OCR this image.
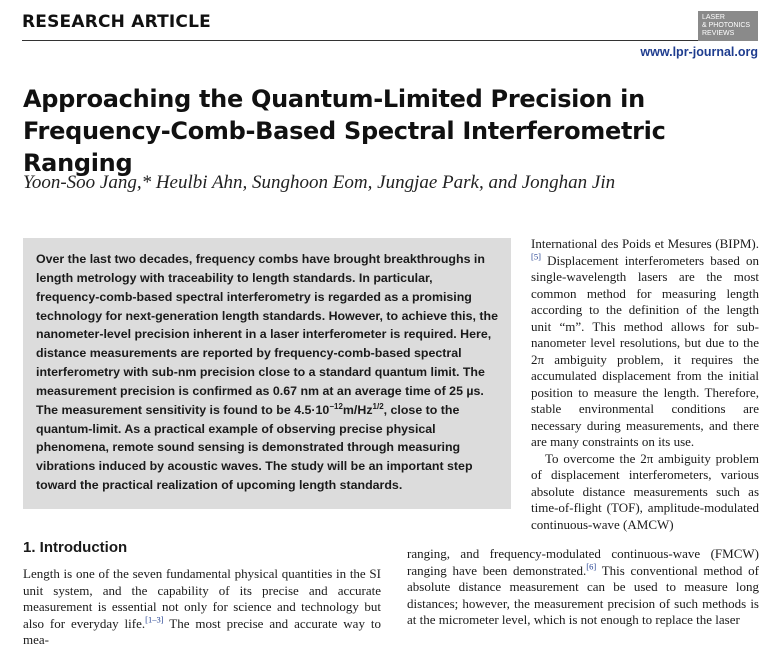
RESEARCH ARTICLE	LASER
& PHOTONICS
REVIEWS
www.lpr-journal.org
Approaching the Quantum-Limited Precision in Frequency-Comb-Based Spectral Interferometric Ranging
Yoon-Soo Jang,* Heulbi Ahn, Sunghoon Eom, Jungjae Park, and Jonghan Jin

Over the last two decades, frequency combs have brought breakthroughs in length metrology with traceability to length standards. In particular, frequency-comb-based spectral interferometry is regarded as a promising technology for next-generation length standards. However, to achieve this, the nanometer-level precision inherent in a laser interferometer is required. Here, distance measurements are reported by frequency-comb-based spectral interferometry with sub-nm precision close to a standard quantum limit. The measurement precision is confirmed as 0.67 nm at an average time of 25 µs. The measurement sensitivity is found to be $4.5\cdot 10^{-12}m/Hz^{1/2}$, close to the quantum-limit. As a practical example of observing precise physical phenomena, remote sound sensing is demonstrated through measuring vibrations induced by acoustic waves. The study will be an important step toward the practical realization of upcoming length standards.

International des Poids et Mesures (BIPM).[5] Displacement interferometers based on single-wavelength lasers are the most common method for measuring length according to the definition of the length unit “m”. This method allows for sub-nanometer level resolutions, but due to the 2π ambiguity problem, it requires the accumulated displacement from the initial position to measure the length. Therefore, stable environmental conditions are necessary during measurements, and there are many constraints on its use.

To overcome the 2π ambiguity problem of displacement interferometers, various absolute distance measurements such as time-of-flight (TOF), amplitude-modulated continuous-wave (AMCW)

1. Introduction

Length is one of the seven fundamental physical quantities in the SI unit system, and the capability of its precise and accurate measurement is essential not only for science and technology but also for everyday life.[1–3] The most precise and accurate way to mea-

ranging, and frequency-modulated continuous-wave (FMCW) ranging have been demonstrated.[6] This conventional method of absolute distance measurement can be used to measure long distances; however, the measurement precision of such methods is at the micrometer level, which is not enough to replace the laser
